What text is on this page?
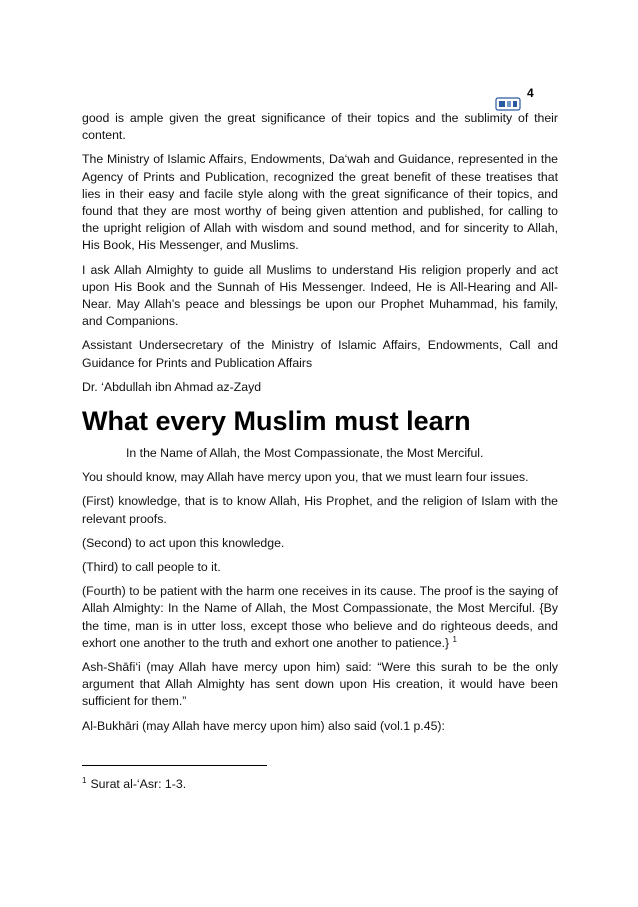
4

good is ample given the great significance of their topics and the sublimity of their content.

The Ministry of Islamic Affairs, Endowments, Da‘wah and Guidance, represented in the Agency of Prints and Publication, recognized the great benefit of these treatises that lies in their easy and facile style along with the great significance of their topics, and found that they are most worthy of being given attention and published, for calling to the upright religion of Allah with wisdom and sound method, and for sincerity to Allah, His Book, His Messenger, and Muslims.

I ask Allah Almighty to guide all Muslims to understand His religion properly and act upon His Book and the Sunnah of His Messenger. Indeed, He is All-Hearing and All-Near. May Allah’s peace and blessings be upon our Prophet Muhammad, his family, and Companions.

Assistant Undersecretary of the Ministry of Islamic Affairs, Endowments, Call and Guidance for Prints and Publication Affairs

Dr. ‘Abdullah ibn Ahmad az-Zayd

What every Muslim must learn

In the Name of Allah, the Most Compassionate, the Most Merciful.

You should know, may Allah have mercy upon you, that we must learn four issues.

(First) knowledge, that is to know Allah, His Prophet, and the religion of Islam with the relevant proofs.

(Second) to act upon this knowledge.

(Third) to call people to it.

(Fourth) to be patient with the harm one receives in its cause. The proof is the saying of Allah Almighty: In the Name of Allah, the Most Compassionate, the Most Merciful. {By the time, man is in utter loss, except those who believe and do righteous deeds, and exhort one another to the truth and exhort one another to patience.} $^1$

Ash-Shāfi‘i (may Allah have mercy upon him) said: “Were this surah to be the only argument that Allah Almighty has sent down upon His creation, it would have been sufficient for them.”

Al-Bukhāri (may Allah have mercy upon him) also said (vol.1 p.45):

$^1$ Surat al-‘Asr: 1-3.
